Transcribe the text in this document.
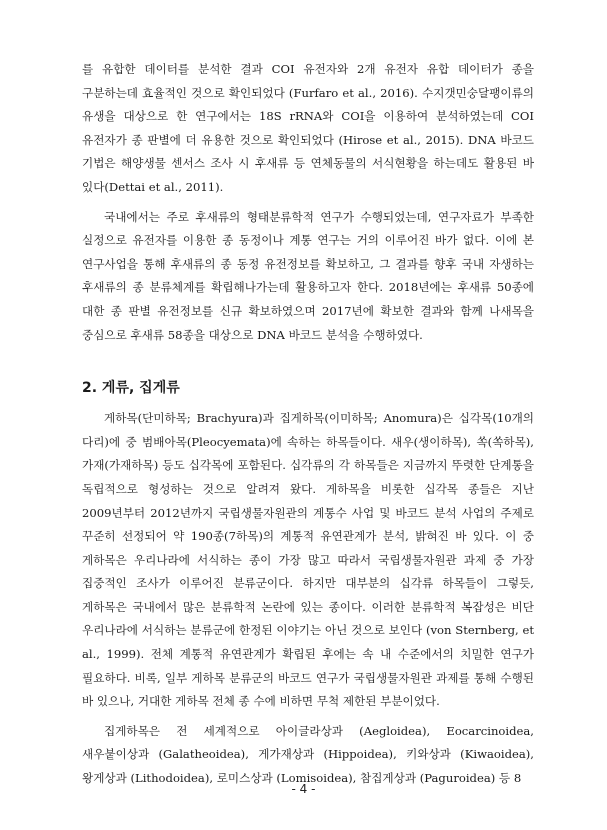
를 유합한 데이터를 분석한 결과 COI 유전자와 2개 유전자 유합 데이터가 종을 구분하는데 효율적인 것으로 확인되었다 (Furfaro et al., 2016). 수지갯민숭달팽이류의 유생을 대상으로 한 연구에서는 18S rRNA와 COI을 이용하여 분석하였는데 COI 유전자가 종 판별에 더 유용한 것으로 확인되었다 (Hirose et al., 2015). DNA 바코드 기법은 해양생물 센서스 조사 시 후새류 등 연체동물의 서식현황을 하는데도 활용된 바 있다(Dettai et al., 2011).

국내에서는 주로 후새류의 형태분류학적 연구가 수행되었는데, 연구자료가 부족한 실정으로 유전자를 이용한 종 동정이나 계통 연구는 거의 이루어진 바가 없다. 이에 본 연구사업을 통해 후새류의 종 동정 유전정보를 확보하고, 그 결과를 향후 국내 자생하는 후새류의 종 분류체계를 확립해나가는데 활용하고자 한다. 2018년에는 후새류 50종에 대한 종 판별 유전정보를 신규 확보하였으며 2017년에 확보한 결과와 함께 나새목을 중심으로 후새류 58종을 대상으로 DNA 바코드 분석을 수행하였다.

2. 게류, 집게류

게하목(단미하목; Brachyura)과 집게하목(이미하목; Anomura)은 십각목(10개의 다리)에 중 범배아목(Pleocyemata)에 속하는 하목들이다. 새우(생이하목), 쏙(쏙하목), 가재(가재하목) 등도 십각목에 포함된다. 십각류의 각 하목들은 지금까지 뚜렷한 단계통을 독립적으로 형성하는 것으로 알려져 왔다. 게하목을 비롯한 십각목 종들은 지난 2009년부터 2012년까지 국립생물자원관의 계통수 사업 및 바코드 분석 사업의 주제로 꾸준히 선정되어 약 190종(7하목)의 계통적 유연관계가 분석, 밝혀진 바 있다. 이 중 게하목은 우리나라에 서식하는 종이 가장 많고 따라서 국립생물자원관 과제 중 가장 집중적인 조사가 이루어진 분류군이다. 하지만 대부분의 십각류 하목들이 그렇듯, 게하목은 국내에서 많은 분류학적 논란에 있는 종이다. 이러한 분류학적 복잡성은 비단 우리나라에 서식하는 분류군에 한정된 이야기는 아닌 것으로 보인다 (von Sternberg, et al., 1999). 전체 계통적 유연관계가 확립된 후에는 속 내 수준에서의 치밀한 연구가 필요하다. 비록, 일부 게하목 분류군의 바코드 연구가 국립생물자원관 과제를 통해 수행된 바 있으나, 거대한 게하목 전체 종 수에 비하면 무척 제한된 부분이었다.

집게하목은 전 세계적으로 아이글라상과 (Aegloidea), Eocarcinoidea, 새우붙이상과 (Galatheoidea), 게가재상과 (Hippoidea), 키와상과 (Kiwaoidea), 왕게상과 (Lithodoidea), 로미스상과 (Lomisoidea), 참집게상과 (Paguroidea) 등 8

- 4 -
